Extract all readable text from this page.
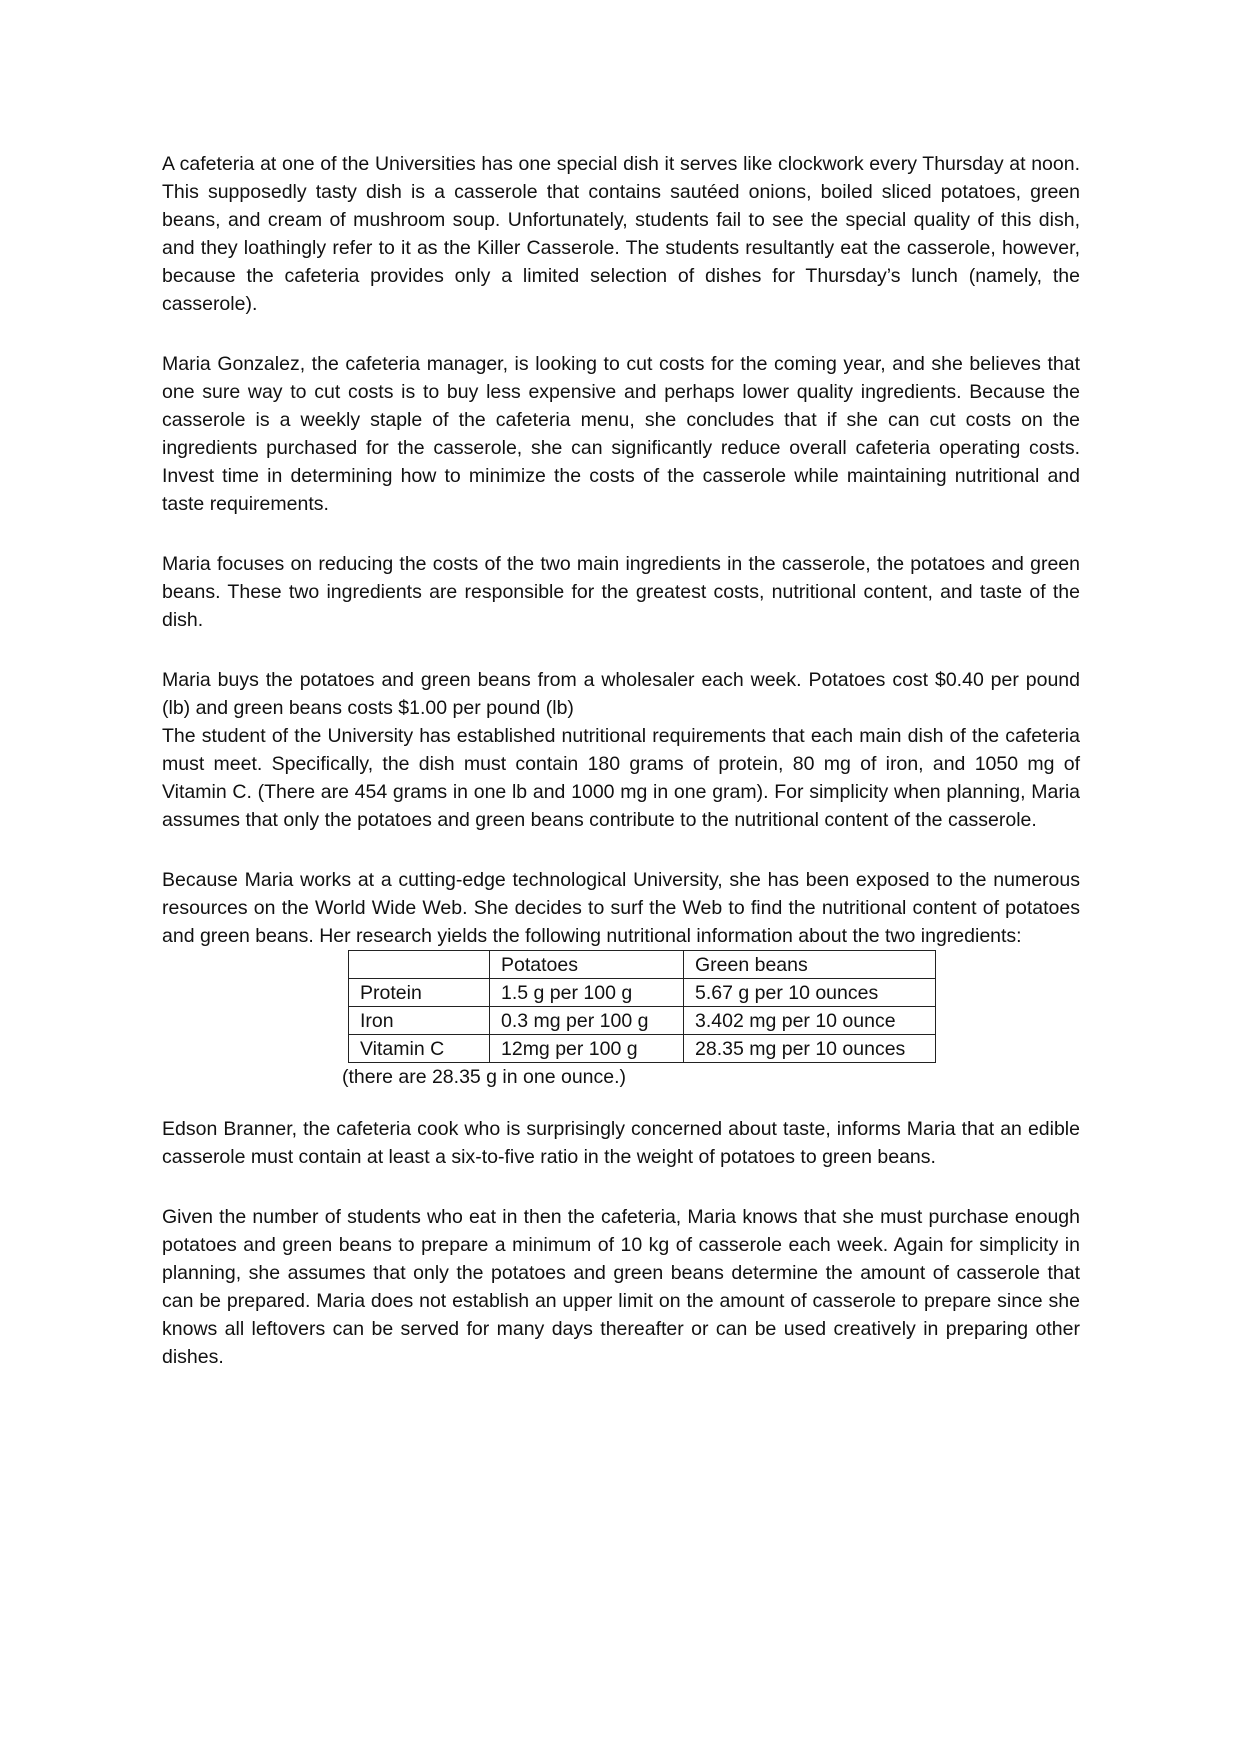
A cafeteria at one of the Universities has one special dish it serves like clockwork every Thursday at noon. This supposedly tasty dish is a casserole that contains sautéed onions, boiled sliced potatoes, green beans, and cream of mushroom soup. Unfortunately, students fail to see the special quality of this dish, and they loathingly refer to it as the Killer Casserole. The students resultantly eat the casserole, however, because the cafeteria provides only a limited selection of dishes for Thursday’s lunch (namely, the casserole).

Maria Gonzalez, the cafeteria manager, is looking to cut costs for the coming year, and she believes that one sure way to cut costs is to buy less expensive and perhaps lower quality ingredients. Because the casserole is a weekly staple of the cafeteria menu, she concludes that if she can cut costs on the ingredients purchased for the casserole, she can significantly reduce overall cafeteria operating costs. Invest time in determining how to minimize the costs of the casserole while maintaining nutritional and taste requirements.

Maria focuses on reducing the costs of the two main ingredients in the casserole, the potatoes and green beans. These two ingredients are responsible for the greatest costs, nutritional content, and taste of the dish.

Maria buys the potatoes and green beans from a wholesaler each week. Potatoes cost $0.40 per pound (lb) and green beans costs $1.00 per pound (lb)

The student of the University has established nutritional requirements that each main dish of the cafeteria must meet. Specifically, the dish must contain 180 grams of protein, 80 mg of iron, and 1050 mg of Vitamin C. (There are 454 grams in one lb and 1000 mg in one gram). For simplicity when planning, Maria assumes that only the potatoes and green beans contribute to the nutritional content of the casserole.

Because Maria works at a cutting-edge technological University, she has been exposed to the numerous resources on the World Wide Web. She decides to surf the Web to find the nutritional content of potatoes and green beans. Her research yields the following nutritional information about the two ingredients:

	Potatoes	Green beans
Protein	1.5 g per 100 g	5.67 g per 10 ounces
Iron	0.3 mg per 100 g	3.402 mg per 10 ounce
Vitamin C	12mg per 100 g	28.35 mg per 10 ounces
(there are 28.35 g in one ounce.)

Edson Branner, the cafeteria cook who is surprisingly concerned about taste, informs Maria that an edible casserole must contain at least a six-to-five ratio in the weight of potatoes to green beans.

Given the number of students who eat in then the cafeteria, Maria knows that she must purchase enough potatoes and green beans to prepare a minimum of 10 kg of casserole each week. Again for simplicity in planning, she assumes that only the potatoes and green beans determine the amount of casserole that can be prepared. Maria does not establish an upper limit on the amount of casserole to prepare since she knows all leftovers can be served for many days thereafter or can be used creatively in preparing other dishes.
